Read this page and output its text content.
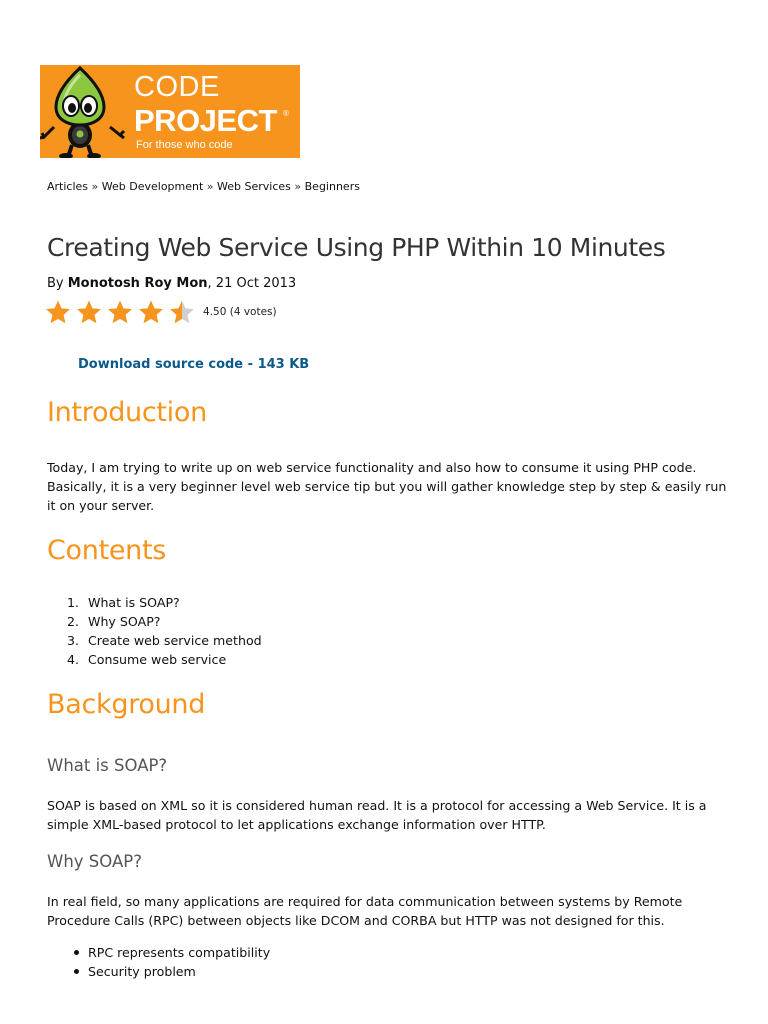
CODE
PROJECT ®
For those who code
Articles » Web Development » Web Services » Beginners
Creating Web Service Using PHP Within 10 Minutes
By Monotosh Roy Mon, 21 Oct 2013
4.50 (4 votes)
Download source code - 143 KB
Introduction
Today, I am trying to write up on web service functionality and also how to consume it using PHP code.
Basically, it is a very beginner level web service tip but you will gather knowledge step by step & easily run
it on your server.
Contents
1. What is SOAP?
2. Why SOAP?
3. Create web service method
4. Consume web service
Background
What is SOAP?
SOAP is based on XML so it is considered human read. It is a protocol for accessing a Web Service. It is a
simple XML-based protocol to let applications exchange information over HTTP.
Why SOAP?
In real field, so many applications are required for data communication between systems by Remote
Procedure Calls (RPC) between objects like DCOM and CORBA but HTTP was not designed for this.
RPC represents compatibility
Security problem
